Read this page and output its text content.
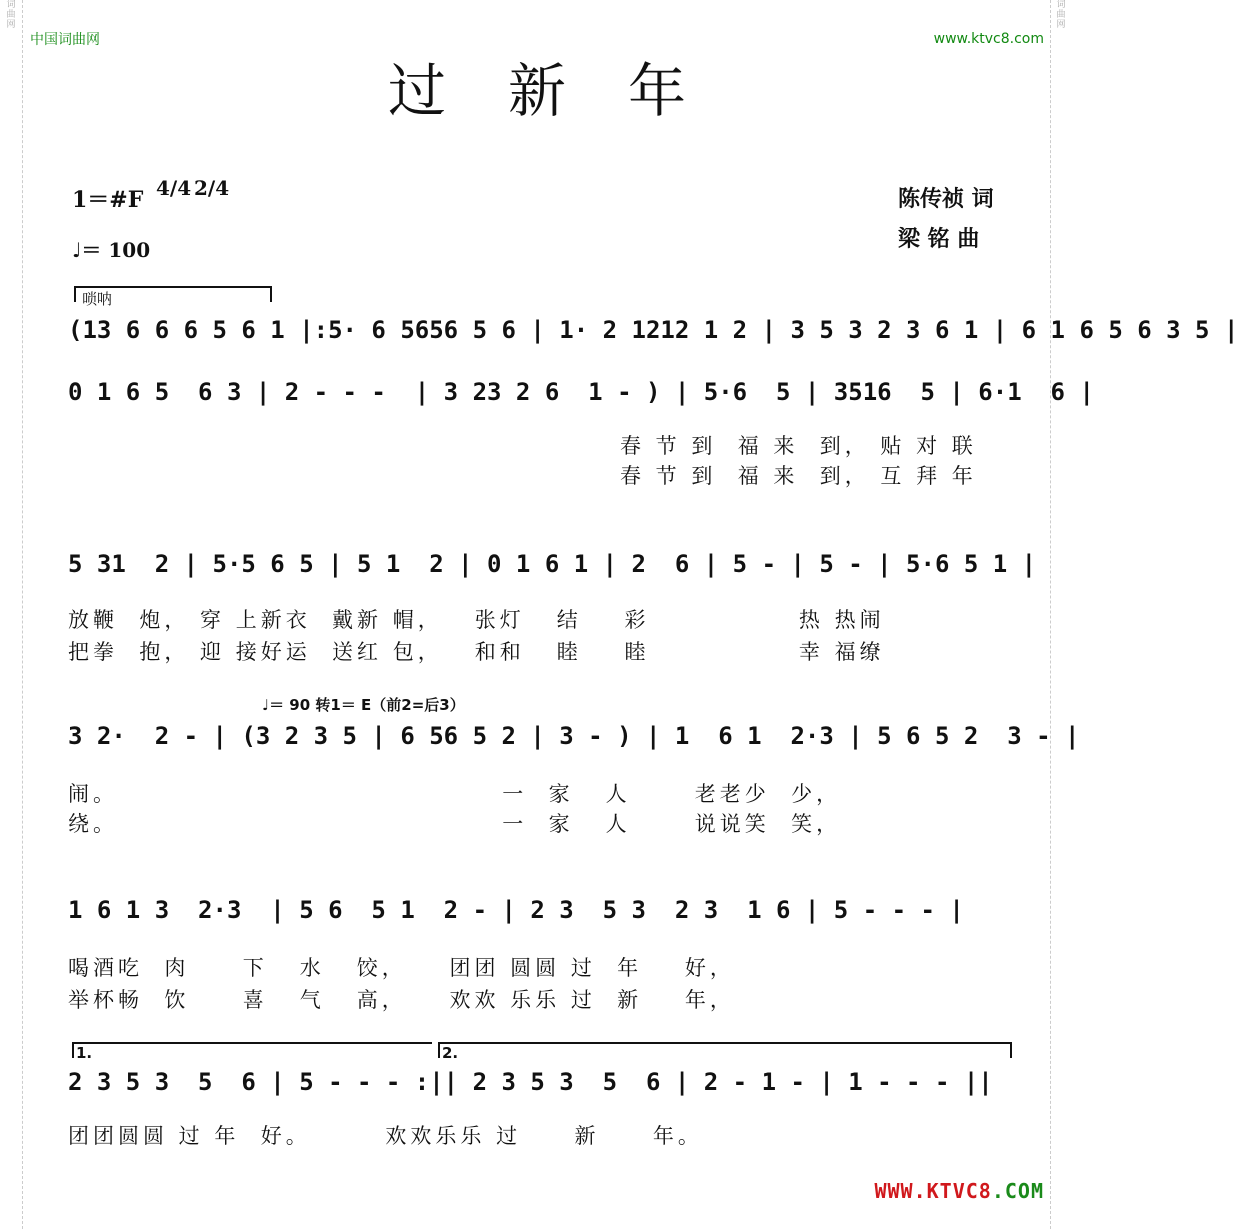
词
曲
网
词
曲
网
中国词曲网	www.ktvc8.com
过新年
1＝#F 4/4 2/4
♩＝ 100
陈传祯 词
梁 铭 曲
唢呐
(13 6 6 6 5 6 1 |:5· 6 5656 5 6 | 1· 2 1212 1 2 | 3 5 3 2 3 6 1 | 6 1 6 5 6 3 5 |
0 1 6 5  6 3 | 2 - - -  | 3 23 2 6  1 - ) | 5·6  5 | 3516  5 | 6·1  6 |
春 节 到  福 来  到， 贴 对 联
春 节 到  福 来  到， 互 拜 年
5 31  2 | 5·5 6 5 | 5 1  2 | 0 1 6 1 | 2  6 | 5 - | 5 - | 5·6 5 1 |
放鞭  炮， 穿 上新衣  戴新 帽，   张灯   结    彩              热 热闹
把拳  抱， 迎 接好运  送红 包，   和和   睦    睦              幸 福缭
♩＝ 90 转1＝ E（前2=后3）
3 2·  2 - | (3 2 3 5 | 6 56 5 2 | 3 - ) | 1  6 1  2·3 | 5 6 5 2  3 - |
闹。                                    一  家   人      老老少  少，
绕。                                    一  家   人      说说笑  笑，
1 6 1 3  2·3  | 5 6  5 1  2 - | 2 3  5 3  2 3  1 6 | 5 - - - |
喝酒吃  肉     下   水   饺，    团团 圆圆 过  年    好，
举杯畅  饮     喜   气   高，    欢欢 乐乐 过  新    年，
1.	2.
2 3 5 3  5  6 | 5 - - - :|| 2 3 5 3  5  6 | 2 - 1 - | 1 - - - ||
团团圆圆 过 年  好。       欢欢乐乐 过     新     年。
WWW.KTVC8.COM
